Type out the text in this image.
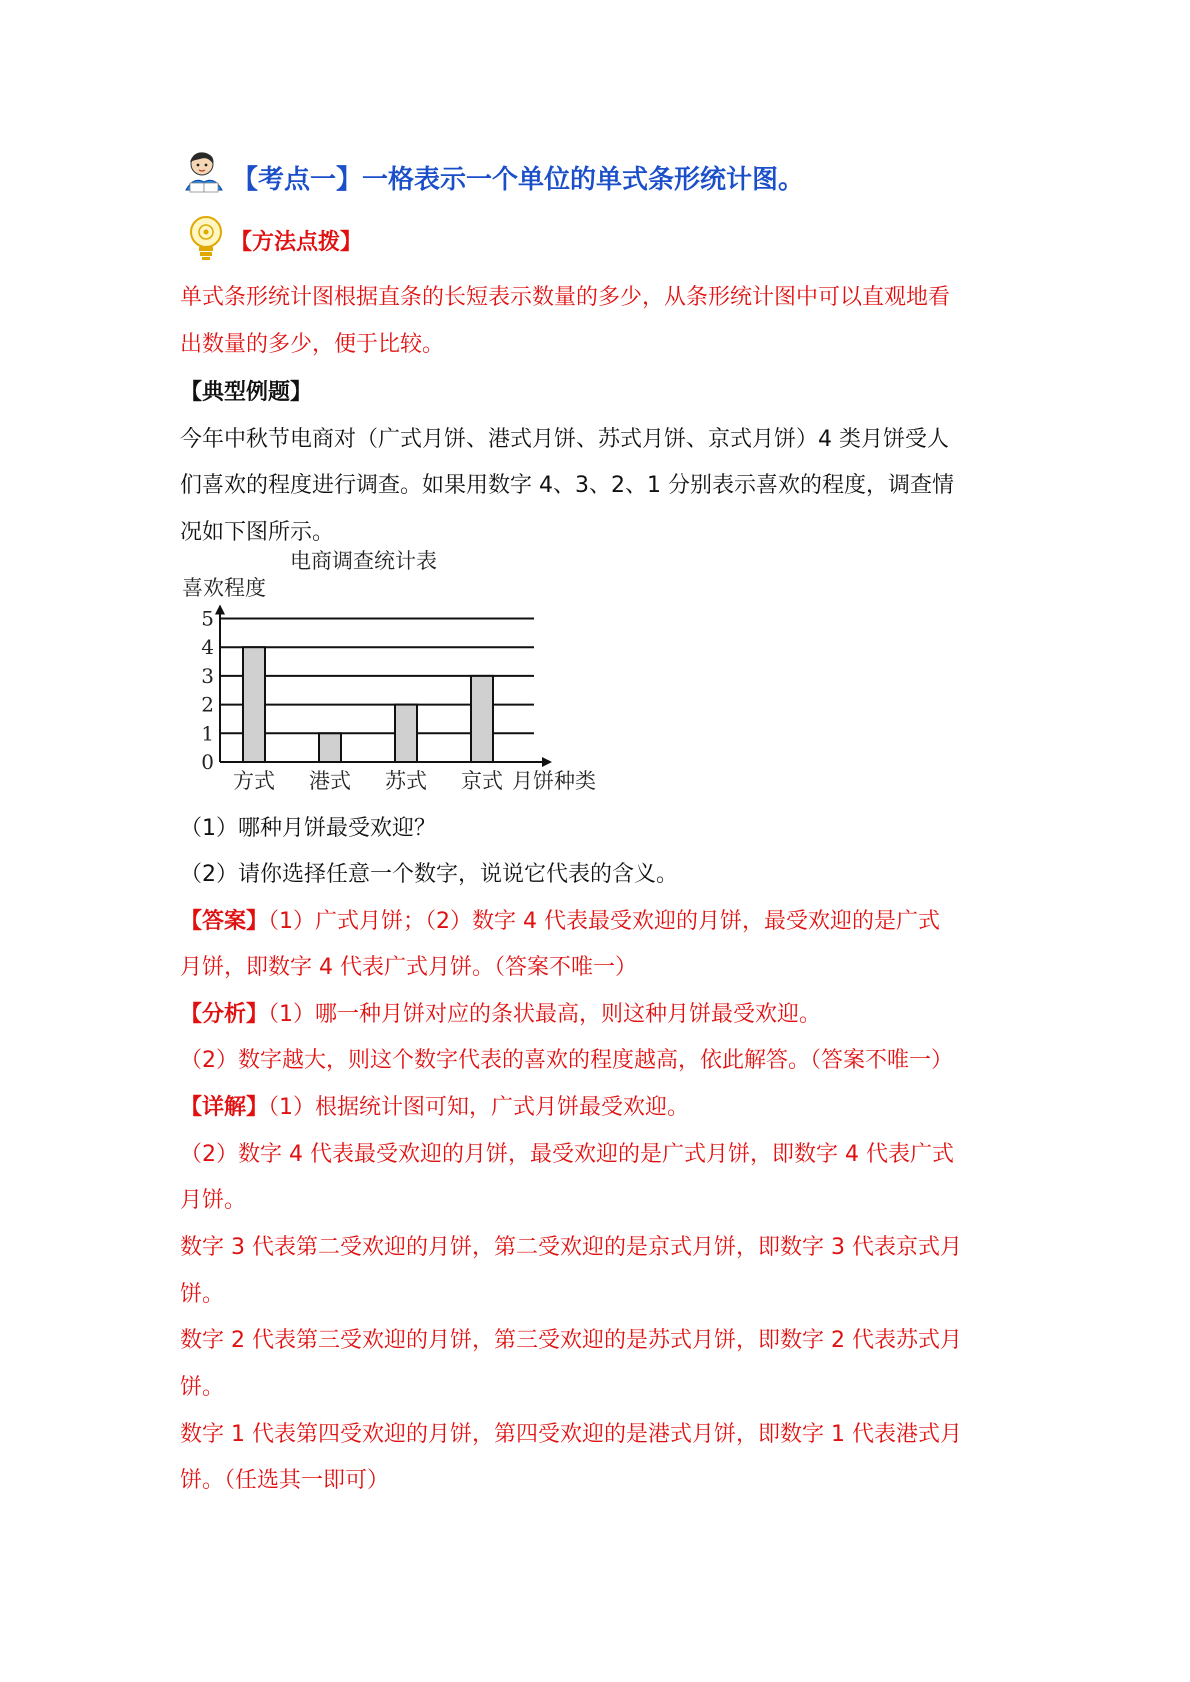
【考点一】一格表示一个单位的单式条形统计图。
【方法点拨】
单式条形统计图根据直条的长短表示数量的多少，从条形统计图中可以直观地看
出数量的多少，便于比较。
【典型例题】
今年中秋节电商对（广式月饼、港式月饼、苏式月饼、京式月饼）4 类月饼受人
们喜欢的程度进行调查。如果用数字 4、3、2、1 分别表示喜欢的程度，调查情
况如下图所示。
电商调查统计表
喜欢程度
0
1
2
3
4
5
方式 港式 苏式 京式 月饼种类
（1）哪种月饼最受欢迎？
（2）请你选择任意一个数字，说说它代表的含义。
【答案】（1）广式月饼；（2）数字 4 代表最受欢迎的月饼，最受欢迎的是广式
月饼，即数字 4 代表广式月饼。（答案不唯一）
【分析】（1）哪一种月饼对应的条状最高，则这种月饼最受欢迎。
（2）数字越大，则这个数字代表的喜欢的程度越高，依此解答。（答案不唯一）
【详解】（1）根据统计图可知，广式月饼最受欢迎。
（2）数字 4 代表最受欢迎的月饼，最受欢迎的是广式月饼，即数字 4 代表广式
月饼。
数字 3 代表第二受欢迎的月饼，第二受欢迎的是京式月饼，即数字 3 代表京式月
饼。
数字 2 代表第三受欢迎的月饼，第三受欢迎的是苏式月饼，即数字 2 代表苏式月
饼。
数字 1 代表第四受欢迎的月饼，第四受欢迎的是港式月饼，即数字 1 代表港式月
饼。（任选其一即可）
